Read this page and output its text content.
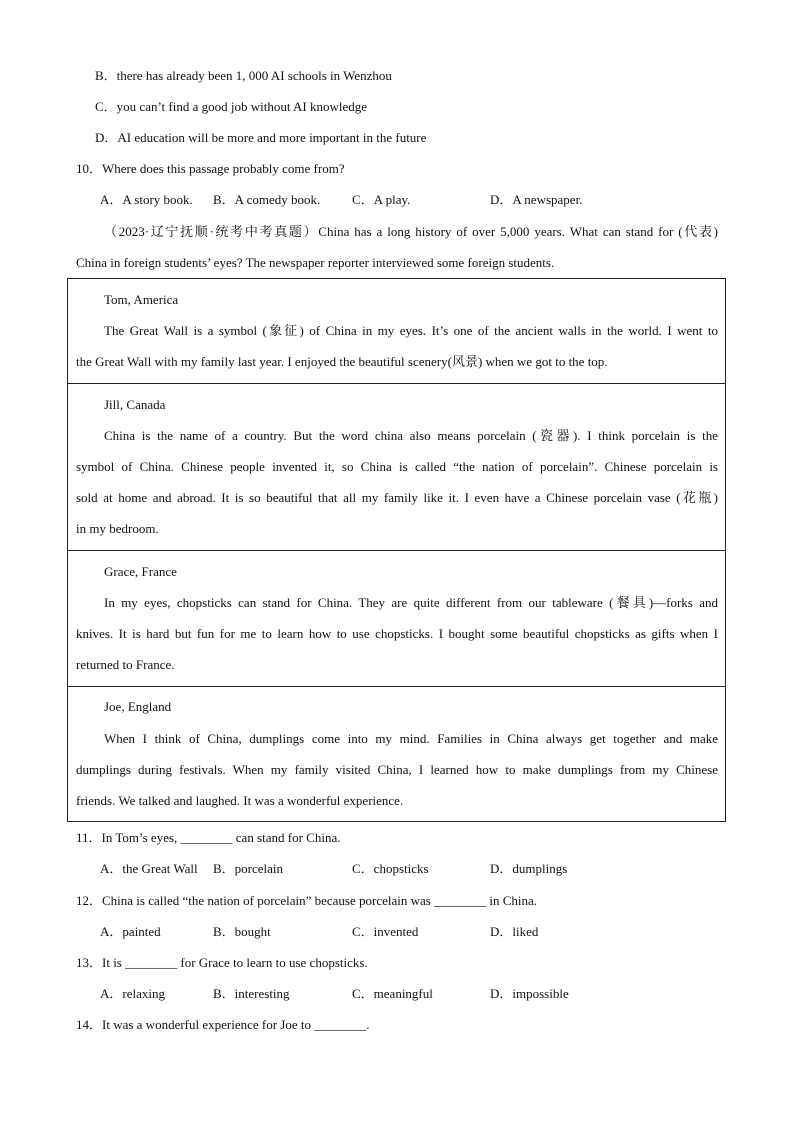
B．there has already been 1, 000 AI schools in Wenzhou
C．you can’t find a good job without AI knowledge
D．AI education will be more and more important in the future
10．Where does this passage probably come from?
A．A story book. B．A comedy book. C．A play.	D．A newspaper.
（2023·辽宁抚顺·统考中考真题）China has a long history of over 5,000 years. What can stand for (代表)
China in foreign students’ eyes? The newspaper reporter interviewed some foreign students.
Tom, America
The Great Wall is a symbol (象征) of China in my eyes. It’s one of the ancient walls in the world. I went to
the Great Wall with my family last year. I enjoyed the beautiful scenery(风景) when we got to the top.
Jill, Canada
China is the name of a country. But the word china also means porcelain (瓷器). I think porcelain is the
symbol of China. Chinese people invented it, so China is called “the nation of porcelain”. Chinese porcelain is
sold at home and abroad. It is so beautiful that all my family like it. I even have a Chinese porcelain vase (花瓶)
in my bedroom.
Grace, France
In my eyes, chopsticks can stand for China. They are quite different from our tableware (餐具)—forks and
knives. It is hard but fun for me to learn how to use chopsticks. I bought some beautiful chopsticks as gifts when I
returned to France.
Joe, England
When I think of China, dumplings come into my mind. Families in China always get together and make
dumplings during festivals. When my family visited China, I learned how to make dumplings from my Chinese
friends. We talked and laughed. It was a wonderful experience.
11．In Tom’s eyes, ________ can stand for China.
A．the Great Wall B．porcelain	C．chopsticks	D．dumplings
12．China is called “the nation of porcelain” because porcelain was ________ in China.
A．painted	B．bought	C．invented	D．liked
13．It is ________ for Grace to learn to use chopsticks.
A．relaxing	B．interesting	C．meaningful	D．impossible
14．It was a wonderful experience for Joe to ________.
